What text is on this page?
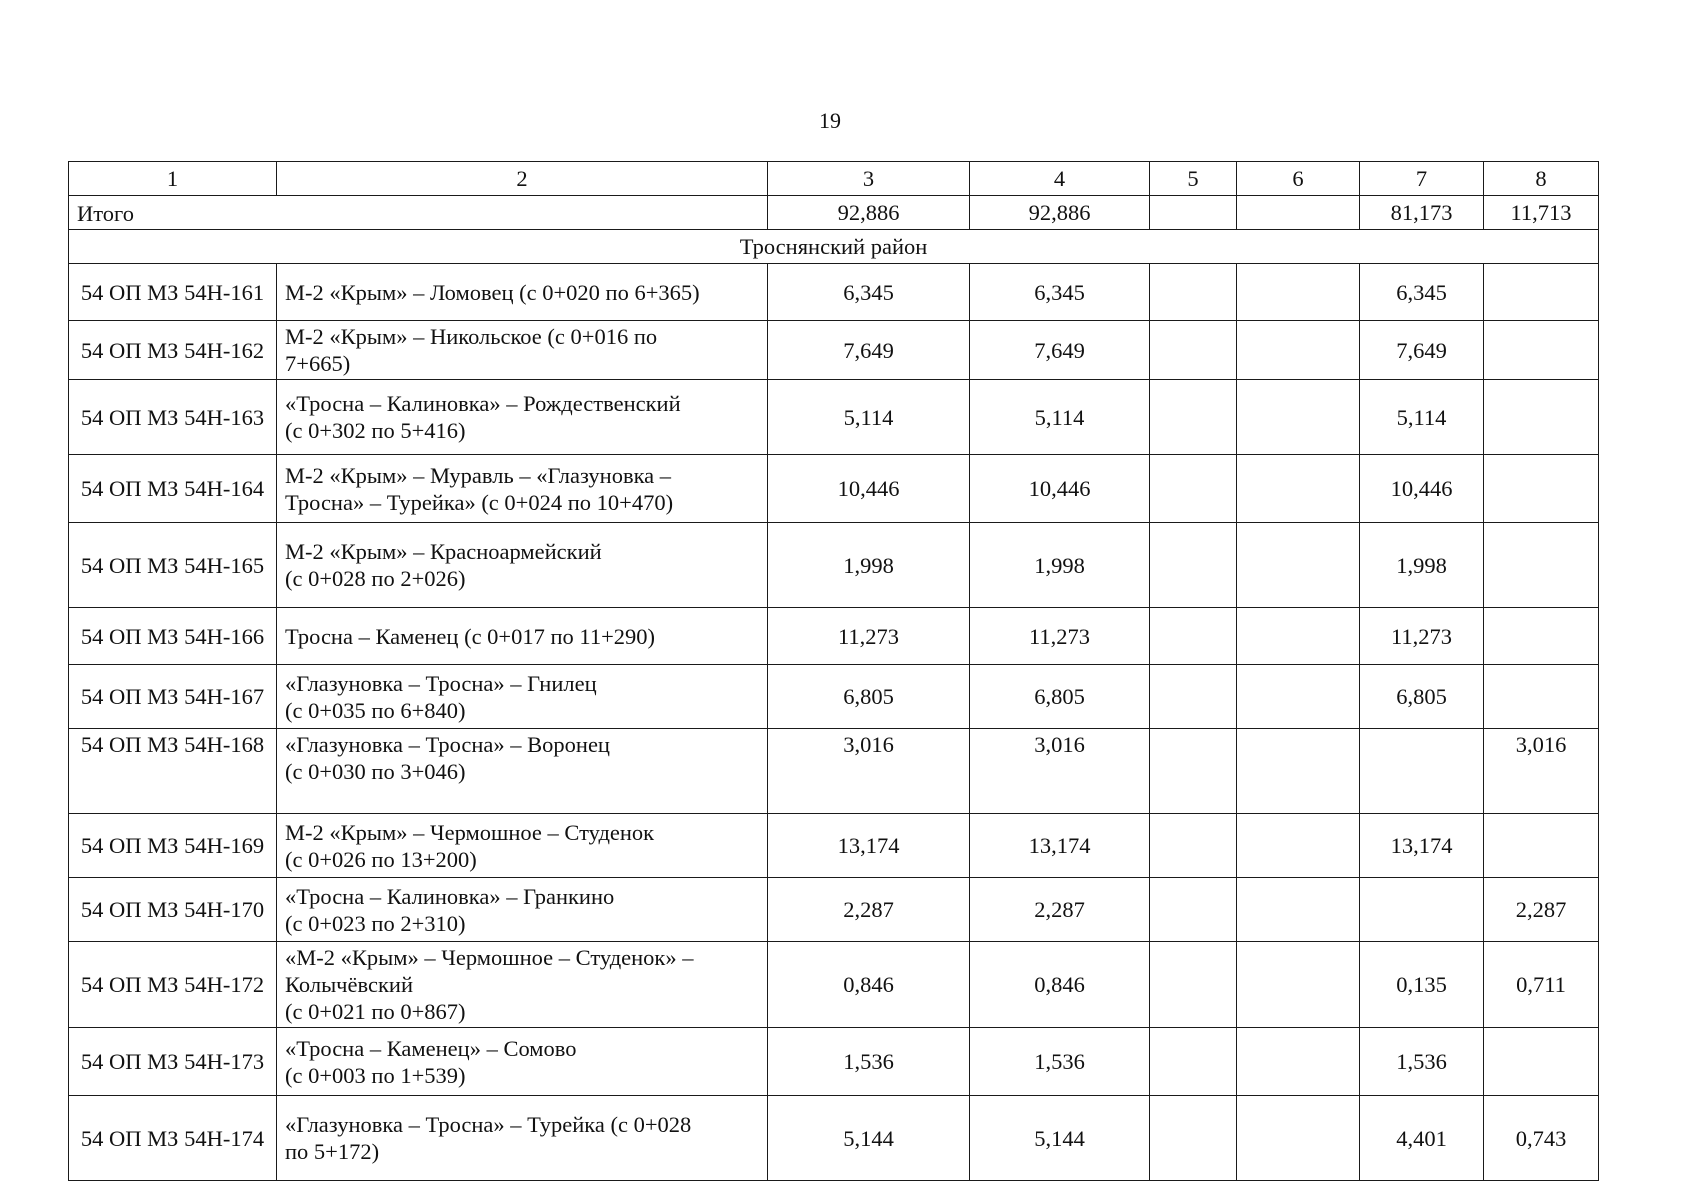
19
1	2	3	4	5	6	7	8
Итого		92,886	92,886			81,173	11,713
Троснянский район							
54 ОП МЗ 54Н-161	М-2 «Крым» – Ломовец (с 0+020 по 6+365)	6,345	6,345			6,345	
54 ОП МЗ 54Н-162	М-2 «Крым» – Никольское (с 0+016 по
7+665)	7,649	7,649			7,649	
54 ОП МЗ 54Н-163	«Тросна – Калиновка» – Рождественский
(с 0+302 по 5+416)	5,114	5,114			5,114	
54 ОП МЗ 54Н-164	М-2 «Крым» – Муравль – «Глазуновка –
Тросна» – Турейка» (с 0+024 по 10+470)	10,446	10,446			10,446	
54 ОП МЗ 54Н-165	М-2 «Крым» – Красноармейский
(с 0+028 по 2+026)	1,998	1,998			1,998	
54 ОП МЗ 54Н-166	Тросна – Каменец (с 0+017 по 11+290)	11,273	11,273			11,273	
54 ОП МЗ 54Н-167	«Глазуновка – Тросна» – Гнилец
(с 0+035 по 6+840)	6,805	6,805			6,805	
54 ОП МЗ 54Н-168	«Глазуновка – Тросна» – Воронец
(с 0+030 по 3+046)	3,016	3,016				3,016
54 ОП МЗ 54Н-169	М-2 «Крым» – Чермошное – Студенок
(с 0+026 по 13+200)	13,174	13,174			13,174	
54 ОП МЗ 54Н-170	«Тросна – Калиновка» – Гранкино
(с 0+023 по 2+310)	2,287	2,287				2,287
54 ОП МЗ 54Н-172	«М-2 «Крым» – Чермошное – Студенок» –
Колычёвский
(с 0+021 по 0+867)	0,846	0,846			0,135	0,711
54 ОП МЗ 54Н-173	«Тросна – Каменец» – Сомово
(с 0+003 по 1+539)	1,536	1,536			1,536	
54 ОП МЗ 54Н-174	«Глазуновка – Тросна» – Турейка (с 0+028
по 5+172)	5,144	5,144			4,401	0,743
